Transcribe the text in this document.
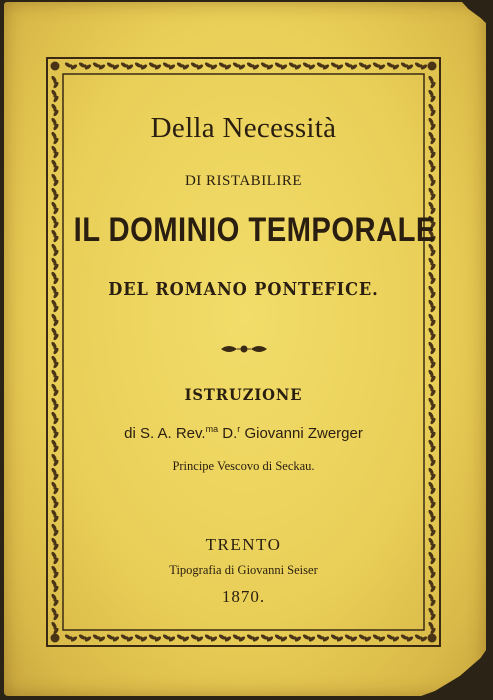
Della Necessità
DI RISTABILIRE
IL DOMINIO TEMPORALE
DEL ROMANO PONTEFICE.
ISTRUZIONE
di S. A. Rev.$^{ma}$ D.$^r$ Giovanni Zwerger
Principe Vescovo di Seckau.
TRENTO
Tipografia di Giovanni Seiser
1870.
